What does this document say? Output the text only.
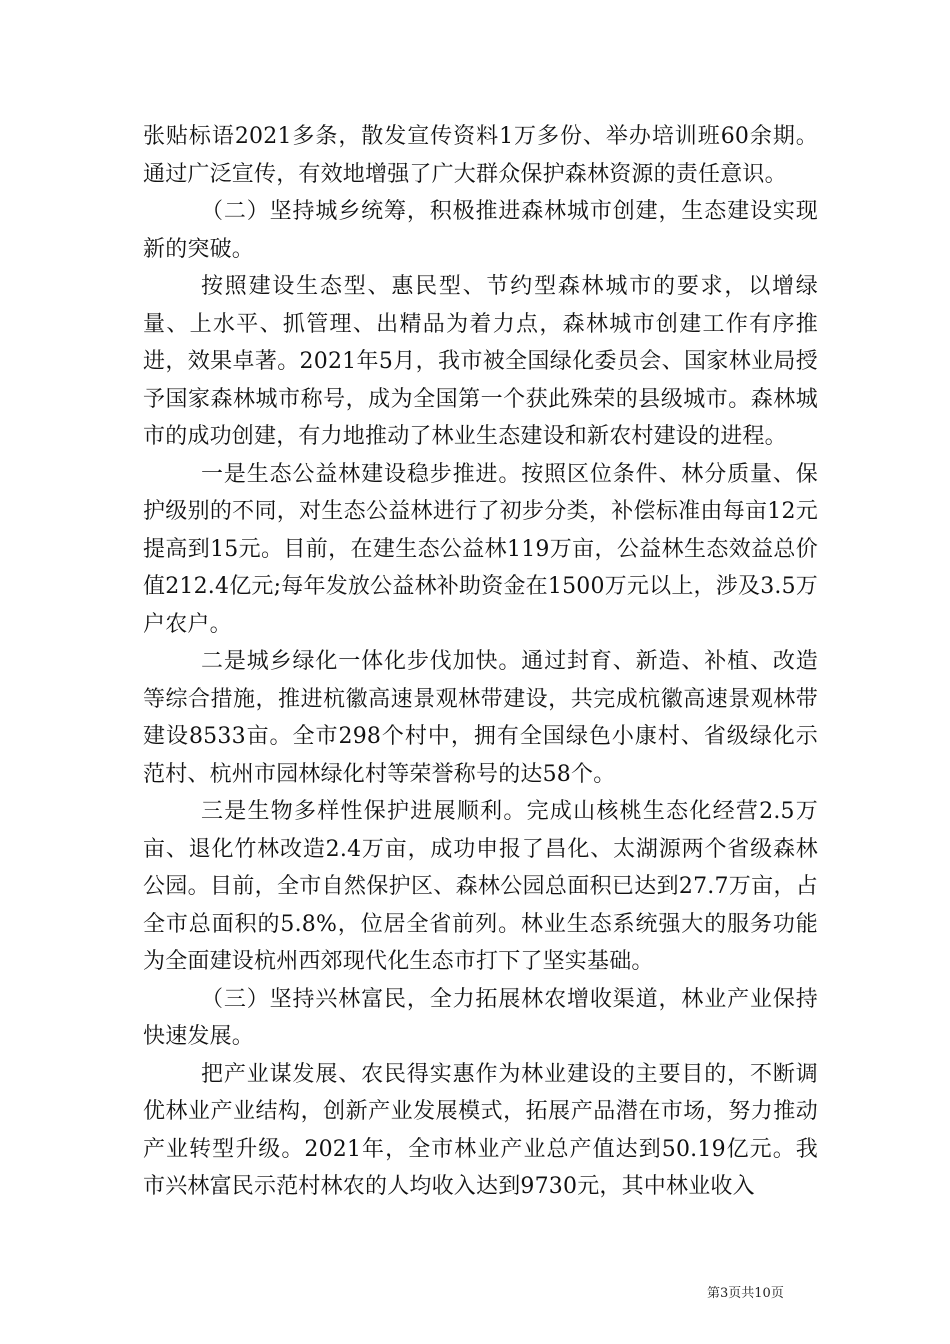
张贴标语2021多条，散发宣传资料1万多份、举办培训班60余期。通过广泛宣传，有效地增强了广大群众保护森林资源的责任意识。

（二）坚持城乡统筹，积极推进森林城市创建，生态建设实现新的突破。

按照建设生态型、惠民型、节约型森林城市的要求，以增绿量、上水平、抓管理、出精品为着力点，森林城市创建工作有序推进，效果卓著。2021年5月，我市被全国绿化委员会、国家林业局授予国家森林城市称号，成为全国第一个获此殊荣的县级城市。森林城市的成功创建，有力地推动了林业生态建设和新农村建设的进程。

一是生态公益林建设稳步推进。按照区位条件、林分质量、保护级别的不同，对生态公益林进行了初步分类，补偿标准由每亩12元提高到15元。目前，在建生态公益林119万亩，公益林生态效益总价值212.4亿元;每年发放公益林补助资金在1500万元以上，涉及3.5万户农户。

二是城乡绿化一体化步伐加快。通过封育、新造、补植、改造等综合措施，推进杭徽高速景观林带建设，共完成杭徽高速景观林带建设8533亩。全市298个村中，拥有全国绿色小康村、省级绿化示范村、杭州市园林绿化村等荣誉称号的达58个。

三是生物多样性保护进展顺利。完成山核桃生态化经营2.5万亩、退化竹林改造2.4万亩，成功申报了昌化、太湖源两个省级森林公园。目前，全市自然保护区、森林公园总面积已达到27.7万亩，占全市总面积的5.8%，位居全省前列。林业生态系统强大的服务功能为全面建设杭州西郊现代化生态市打下了坚实基础。

（三）坚持兴林富民，全力拓展林农增收渠道，林业产业保持快速发展。

把产业谋发展、农民得实惠作为林业建设的主要目的，不断调优林业产业结构，创新产业发展模式，拓展产品潜在市场，努力推动产业转型升级。2021年，全市林业产业总产值达到50.19亿元。我市兴林富民示范村林农的人均收入达到9730元，其中林业收入

第3页共10页
